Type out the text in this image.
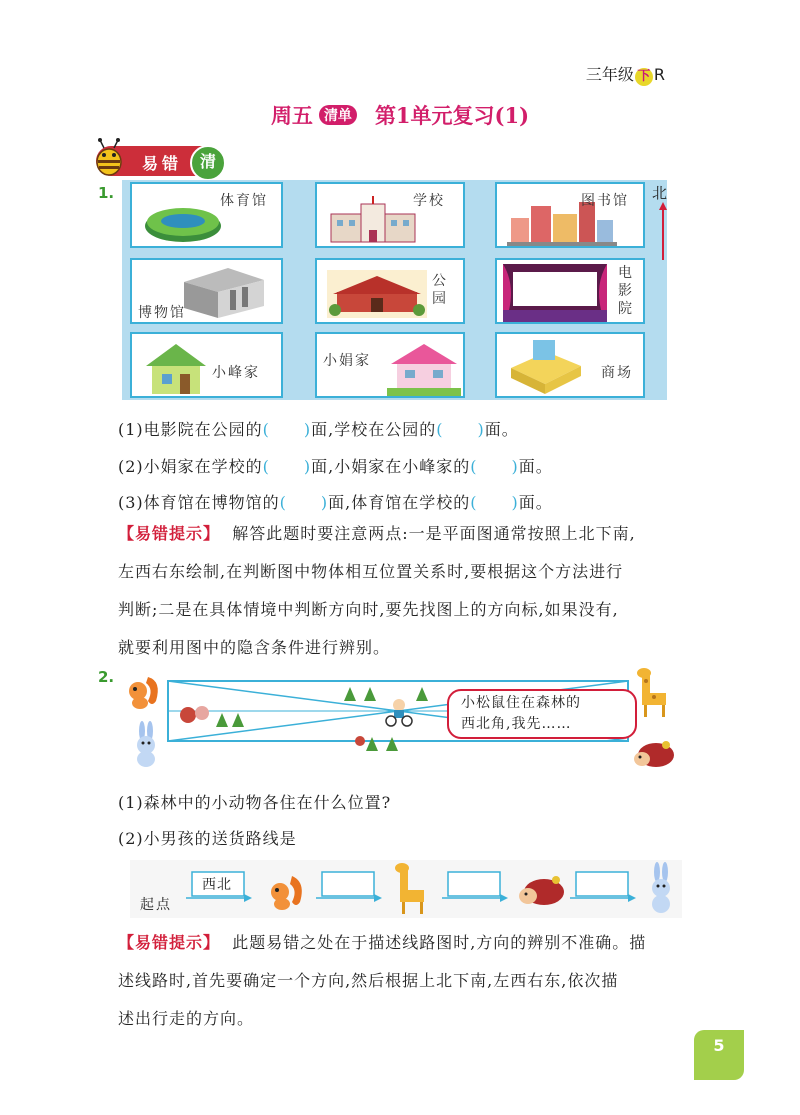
三年级 下 R
周五 清单 第1单元复习(1)
易错	清
1.	体育馆	学校	图书馆
博物馆
公园
电影院
小峰家
小娟家
商场
北
(1)电影院在公园的( )面,学校在公园的( )面。
(2)小娟家在学校的( )面,小娟家在小峰家的( )面。
(3)体育馆在博物馆的( )面,体育馆在学校的( )面。
【易错提示】 解答此题时要注意两点:一是平面图通常按照上北下南,
左西右东绘制,在判断图中物体相互位置关系时,要根据这个方法进行
判断;二是在具体情境中判断方向时,要先找图上的方向标,如果没有,
就要利用图中的隐含条件进行辨别。
2.
小松鼠住在森林的
西北角,我先……
(1)森林中的小动物各住在什么位置?
(2)小男孩的送货路线是
起点
西北
【易错提示】 此题易错之处在于描述线路图时,方向的辨别不准确。描
述线路时,首先要确定一个方向,然后根据上北下南,左西右东,依次描
述出行走的方向。
5
